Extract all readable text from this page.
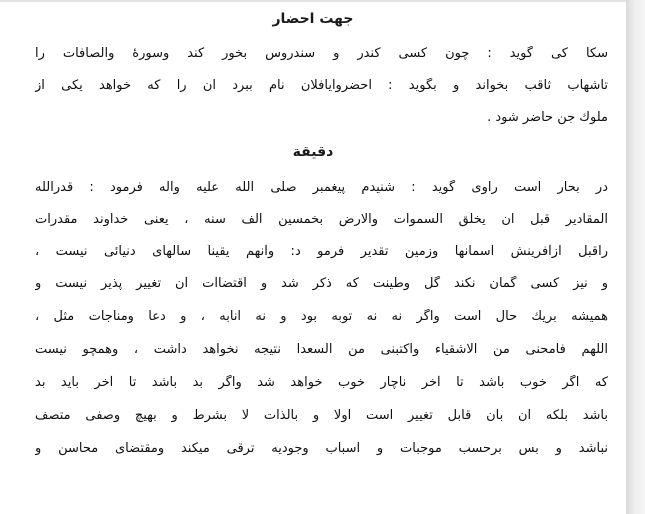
جهت احضار
سکا کی گوید : چون کسی کندر و سندروس بخور کند وسورهٔ والصافات را
تاشهاب ثاقب بخواند و بگوید : احضروایافلان نام ببرد آن را که خواهد یکی از
ملوك جن حاضر شود .
دقیقة
در بحار است راوی گوید : شنیدم پیغمبر صلی الله علیه وآله فرمود : قدرالله
المقادیر قبل ان یخلق السموات والارض بخمسین الف سنه ، یعنی خداوند مقدرات
راقبل ازآفرینش آسمانها وزمین تقدیر فرمو د: وآنهم یقیناً سالهای دنیائی نیست ،
و نیز کسی گمان نکند گل وطینت که ذکر شد و اقتضاآت آن تغییر پذیر نیست و
همیشه بریك حال است واگر نه نه توبه بود و نه انابه ، و دعا ومناجات مثل ،
اللهم فامحنی من الاشقیاء واکتبنی من السعدا نتیجه نخواهد داشت ، وهمچو نیست
که اگر خوب باشد تا آخر ناچار خوب خواهد شد واگر بد باشد تا آخر باید بد
باشد بلکه آن بآن قابل تغییر است اولا و بالذات لا بشرط و بهیچ وصفی متصف
نباشد و بس برحسب موجبات و اسباب وجودیه ترقی میکند ومقتضای محاسن و
